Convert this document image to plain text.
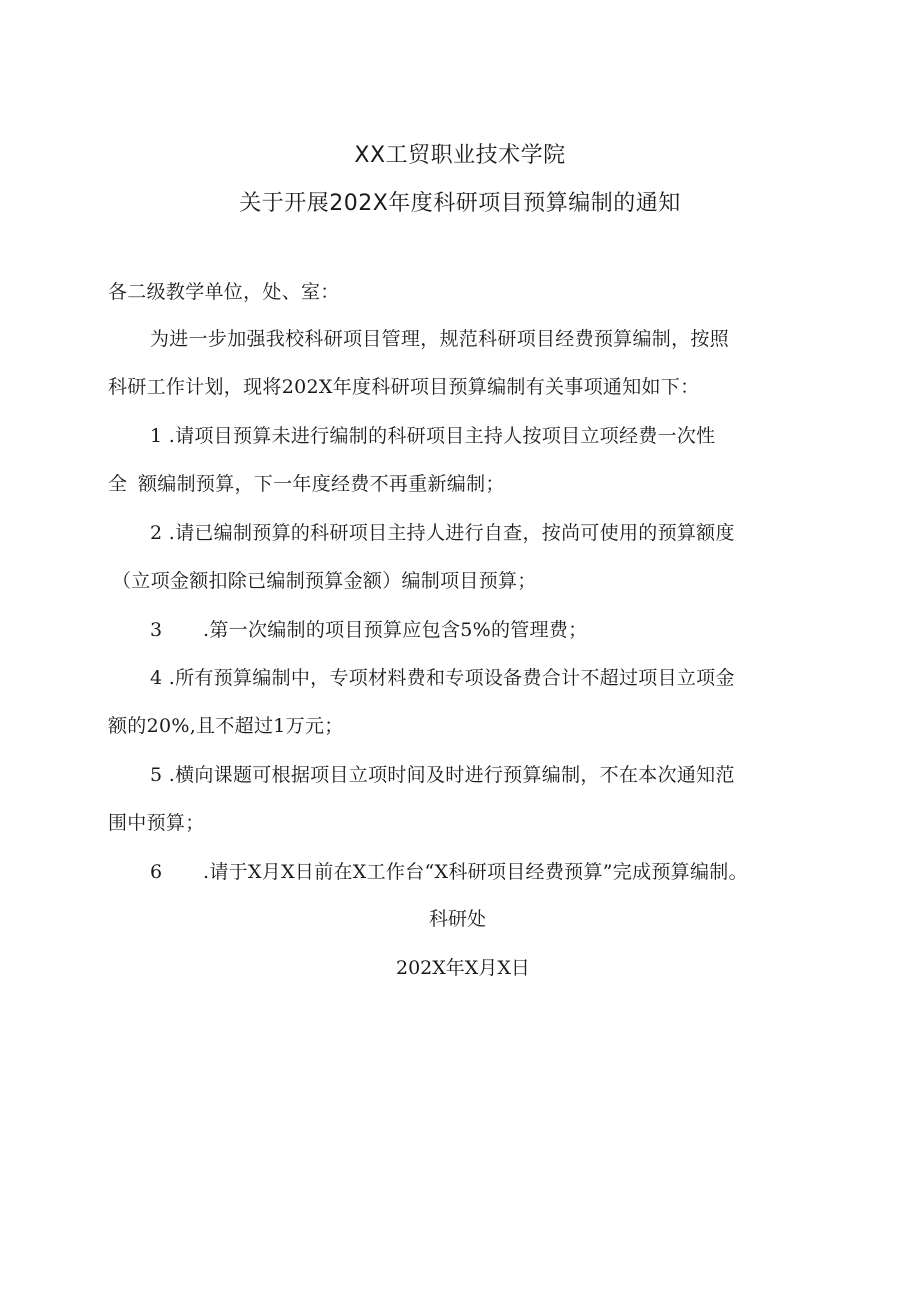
XX工贸职业技术学院
关于开展202X年度科研项目预算编制的通知
各二级教学单位，处、室：
为进一步加强我校科研项目管理，规范科研项目经费预算编制，按照
科研工作计划，现将202X年度科研项目预算编制有关事项通知如下：
1 .请项目预算未进行编制的科研项目主持人按项目立项经费一次性
全 额编制预算，下一年度经费不再重新编制；
2 .请已编制预算的科研项目主持人进行自查，按尚可使用的预算额度
（立项金额扣除已编制预算金额）编制项目预算；
3 .第一次编制的项目预算应包含5%的管理费；
4 .所有预算编制中，专项材料费和专项设备费合计不超过项目立项金
额的20%,且不超过1万元；
5 .横向课题可根据项目立项时间及时进行预算编制，不在本次通知范
围中预算；
6 .请于X月X日前在X工作台“X科研项目经费预算”完成预算编制。
科研处
202X年X月X日
